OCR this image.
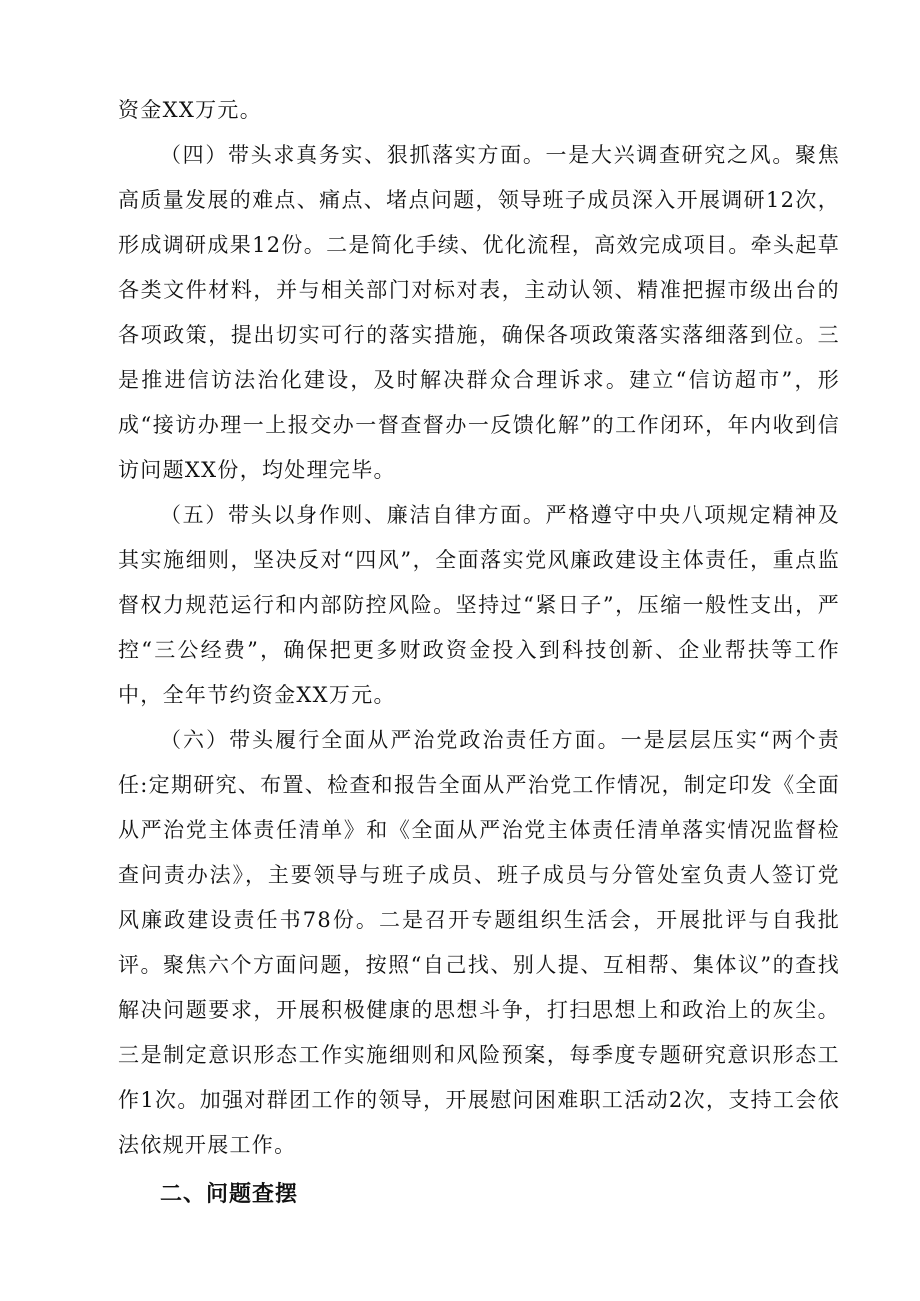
资金XX万元。

（四）带头求真务实、狠抓落实方面。一是大兴调查研究之风。聚焦高质量发展的难点、痛点、堵点问题，领导班子成员深入开展调研12次，形成调研成果12份。二是简化手续、优化流程，高效完成项目。牵头起草各类文件材料，并与相关部门对标对表，主动认领、精准把握市级出台的各项政策，提出切实可行的落实措施，确保各项政策落实落细落到位。三是推进信访法治化建设，及时解决群众合理诉求。建立“信访超市”，形成“接访办理一上报交办一督查督办一反馈化解”的工作闭环，年内收到信访问题XX份，均处理完毕。

（五）带头以身作则、廉洁自律方面。严格遵守中央八项规定精神及其实施细则，坚决反对“四风”，全面落实党风廉政建设主体责任，重点监督权力规范运行和内部防控风险。坚持过“紧日子”，压缩一般性支出，严控“三公经费”，确保把更多财政资金投入到科技创新、企业帮扶等工作中，全年节约资金XX万元。

（六）带头履行全面从严治党政治责任方面。一是层层压实“两个责任:定期研究、布置、检查和报告全面从严治党工作情况，制定印发《全面从严治党主体责任清单》和《全面从严治党主体责任清单落实情况监督检查问责办法》，主要领导与班子成员、班子成员与分管处室负责人签订党风廉政建设责任书78份。二是召开专题组织生活会，开展批评与自我批评。聚焦六个方面问题，按照“自己找、别人提、互相帮、集体议”的查找解决问题要求，开展积极健康的思想斗争，打扫思想上和政治上的灰尘。三是制定意识形态工作实施细则和风险预案，每季度专题研究意识形态工作1次。加强对群团工作的领导，开展慰问困难职工活动2次，支持工会依法依规开展工作。

二、问题查摆
